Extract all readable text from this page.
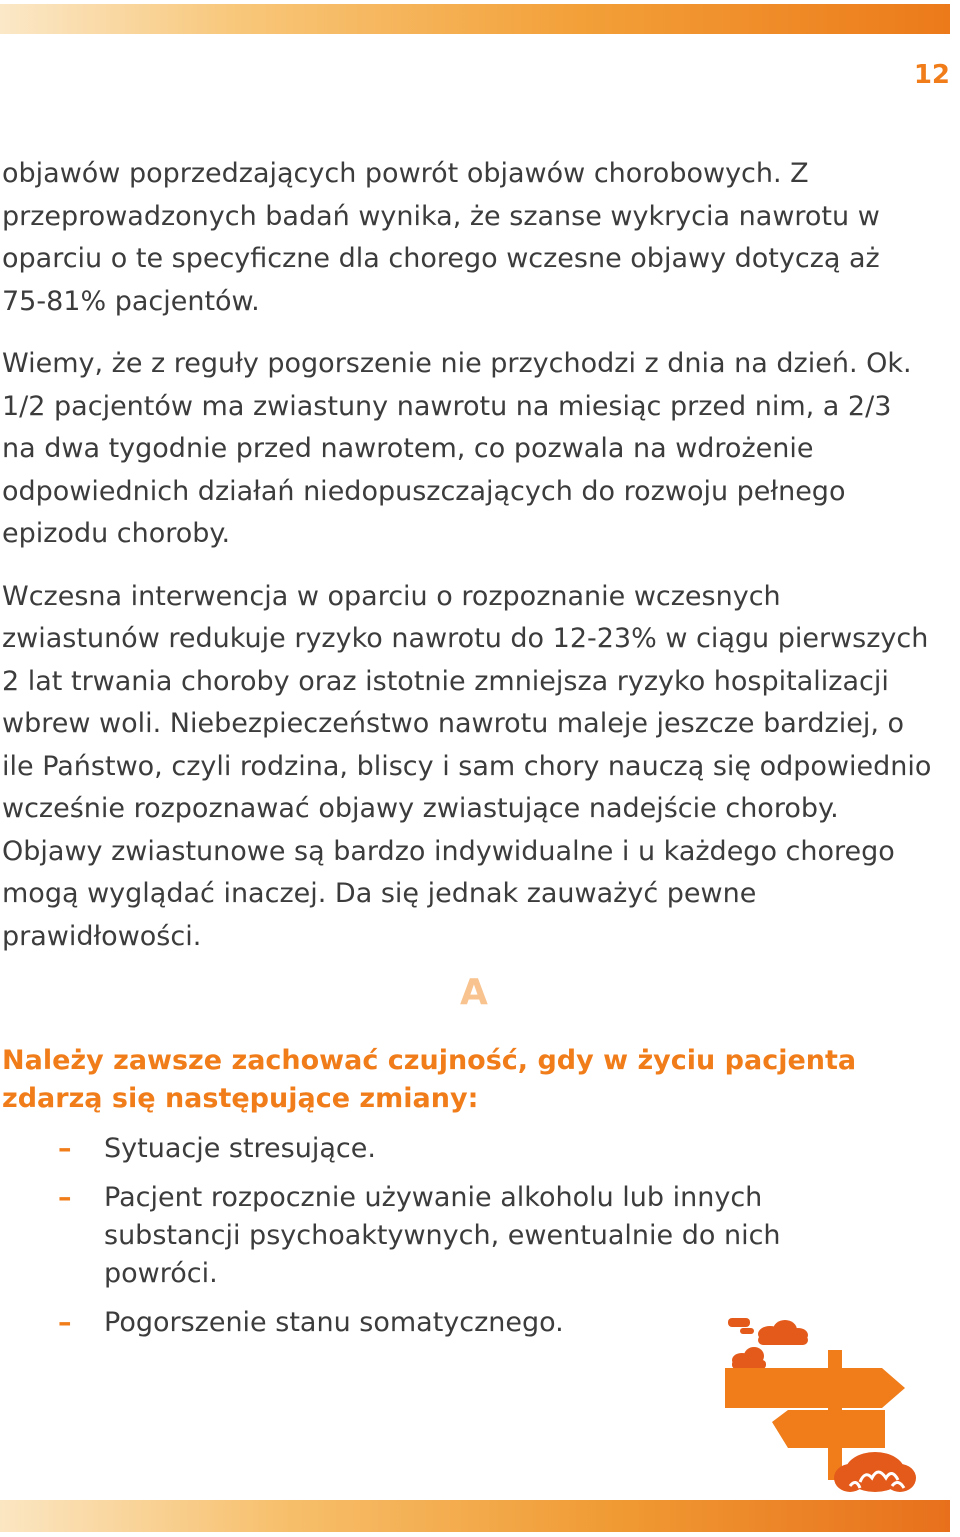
12

objawów poprzedzających powrót objawów chorobowych. Z przeprowadzonych badań wynika, że szanse wykrycia nawrotu w oparciu o te specyficzne dla chorego wczesne objawy dotyczą aż 75-81% pacjentów.

Wiemy, że z reguły pogorszenie nie przychodzi z dnia na dzień. Ok. 1/2 pacjentów ma zwiastuny nawrotu na miesiąc przed nim, a 2/3 na dwa tygodnie przed nawrotem, co pozwala na wdrożenie odpowiednich działań niedopuszczających do rozwoju pełnego epizodu choroby.

Wczesna interwencja w oparciu o rozpoznanie wczesnych zwiastunów redukuje ryzyko nawrotu do 12-23% w ciągu pierwszych 2 lat trwania choroby oraz istotnie zmniejsza ryzyko hospitalizacji wbrew woli. Niebezpieczeństwo nawrotu maleje jeszcze bardziej, o ile Państwo, czyli rodzina, bliscy i sam chory nauczą się odpowiednio wcześnie rozpoznawać objawy zwiastujące nadejście choroby. Objawy zwiastunowe są bardzo indywidualne i u każdego chorego mogą wyglądać inaczej. Da się jednak zauważyć pewne prawidłowości.

A
Należy zawsze zachować czujność, gdy w życiu pacjenta zdarzą się następujące zmiany:
– Sytuacje stresujące.
– Pacjent rozpocznie używanie alkoholu lub innych substancji psychoaktywnych, ewentualnie do nich powróci.
– Pogorszenie stanu somatycznego.
